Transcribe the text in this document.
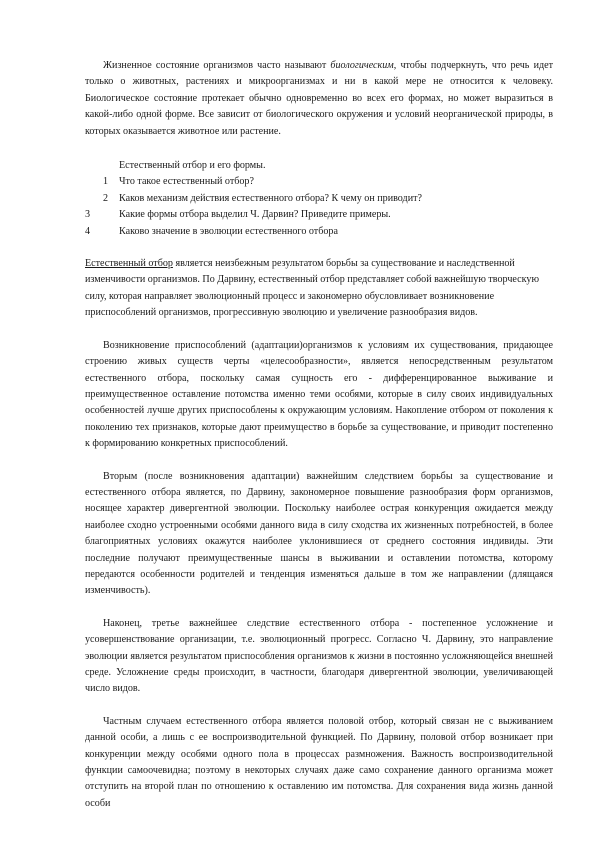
Жизненное состояние организмов часто называют биологическим, чтобы подчеркнуть, что речь идет только о животных, растениях и микроорганизмах и ни в какой мере не относится к человеку. Биологическое состояние протекает обычно одновременно во всех его формах, но может выразиться в какой-либо одной форме. Все зависит от биологического окружения и условий неорганической природы, в которых оказывается животное или растение.

Естественный отбор и его формы.

1 Что такое естественный отбор?
2 Каков механизм действия естественного отбора? К чему он приводит?
3	Какие формы отбора выделил Ч. Дарвин? Приведите примеры.
4	Каково значение в эволюции естественного отбора

Естественный отбор является неизбежным результатом борьбы за существование и наследственной изменчивости организмов. По Дарвину, естественный отбор представляет собой важнейшую творческую силу, которая направляет эволюционный процесс и закономерно обусловливает возникновение приспособлений организмов, прогрессивную эволюцию и увеличение разнообразия видов.

Возникновение приспособлений (адаптации)организмов к условиям их существования, придающее строению живых существ черты «целесообразности», является непосредственным результатом естественного отбора, поскольку самая сущность его - дифференцированное выживание и преимущественное оставление потомства именно теми особями, которые в силу своих индивидуальных особенностей лучше других приспособлены к окружающим условиям. Накопление отбором от поколения к поколению тех признаков, которые дают преимущество в борьбе за существование, и приводит постепенно к формированию конкретных приспособлений.

Вторым (после возникновения адаптации) важнейшим следствием борьбы за существование и естественного отбора является, по Дарвину, закономерное повышение разнообразия форм организмов, носящее характер дивергентной эволюции. Поскольку наиболее острая конкуренция ожидается между наиболее сходно устроенными особями данного вида в силу сходства их жизненных потребностей, в более благоприятных условиях окажутся наиболее уклонившиеся от среднего состояния индивиды. Эти последние получают преимущественные шансы в выживании и оставлении потомства, которому передаются особенности родителей и тенденция изменяться дальше в том же направлении (длящаяся изменчивость).

Наконец, третье важнейшее следствие естественного отбора - постепенное усложнение и усовершенствование организации, т.е. эволюционный прогресс. Согласно Ч. Дарвину, это направление эволюции является результатом приспособления организмов к жизни в постоянно усложняющейся внешней среде. Усложнение среды происходит, в частности, благодаря дивергентной эволюции, увеличивающей число видов.

Частным случаем естественного отбора является половой отбор, который связан не с выживанием данной особи, а лишь с ее воспроизводительной функцией. По Дарвину, половой отбор возникает при конкуренции между особями одного пола в процессах размножения. Важность воспроизводительной функции самоочевидна; поэтому в некоторых случаях даже само сохранение данного организма может отступить на второй план по отношению к оставлению им потомства. Для сохранения вида жизнь данной особи
